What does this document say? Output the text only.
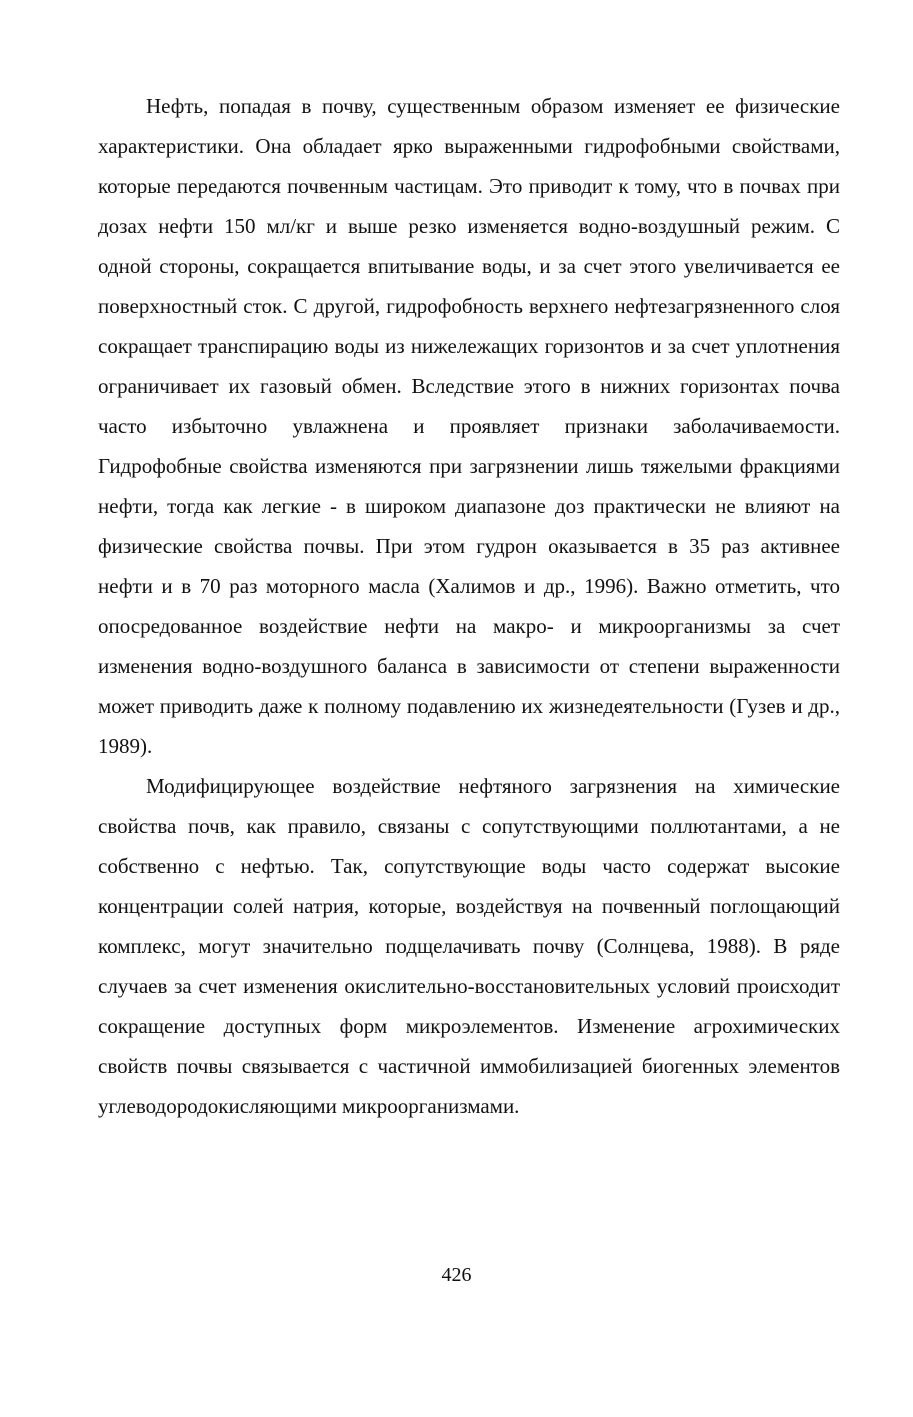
Нефть, попадая в почву, существенным образом изменяет ее физические характеристики. Она обладает ярко выраженными гидрофобными свойствами, которые передаются почвенным частицам. Это приводит к тому, что в почвах при дозах нефти 150 мл/кг и выше резко изменяется водно-воздушный режим. С одной стороны, сокращается впитывание воды, и за счет этого увеличивается ее поверхностный сток. С другой, гидрофобность верхнего нефтезагрязненного слоя сокращает транспирацию воды из нижележащих горизонтов и за счет уплотнения ограничивает их газовый обмен. Вследствие этого в нижних горизонтах почва часто избыточно увлажнена и проявляет признаки заболачиваемости. Гидрофобные свойства изменяются при загрязнении лишь тяжелыми фракциями нефти, тогда как легкие - в широком диапазоне доз практически не влияют на физические свойства почвы. При этом гудрон оказывается в 35 раз активнее нефти и в 70 раз моторного масла (Халимов и др., 1996). Важно отметить, что опосредованное воздействие нефти на макро- и микроорганизмы за счет изменения водно-воздушного баланса в зависимости от степени выраженности может приводить даже к полному подавлению их жизнедеятельности (Гузев и др., 1989).

Модифицирующее воздействие нефтяного загрязнения на химические свойства почв, как правило, связаны с сопутствующими поллютантами, а не собственно с нефтью. Так, сопутствующие воды часто содержат высокие концентрации солей натрия, которые, воздействуя на почвенный поглощающий комплекс, могут значительно подщелачивать почву (Солнцева, 1988). В ряде случаев за счет изменения окислительно-восстановительных условий происходит сокращение доступных форм микроэлементов. Изменение агрохимических свойств почвы связывается с частичной иммобилизацией биогенных элементов углеводородокисляющими микроорганизмами.

426
